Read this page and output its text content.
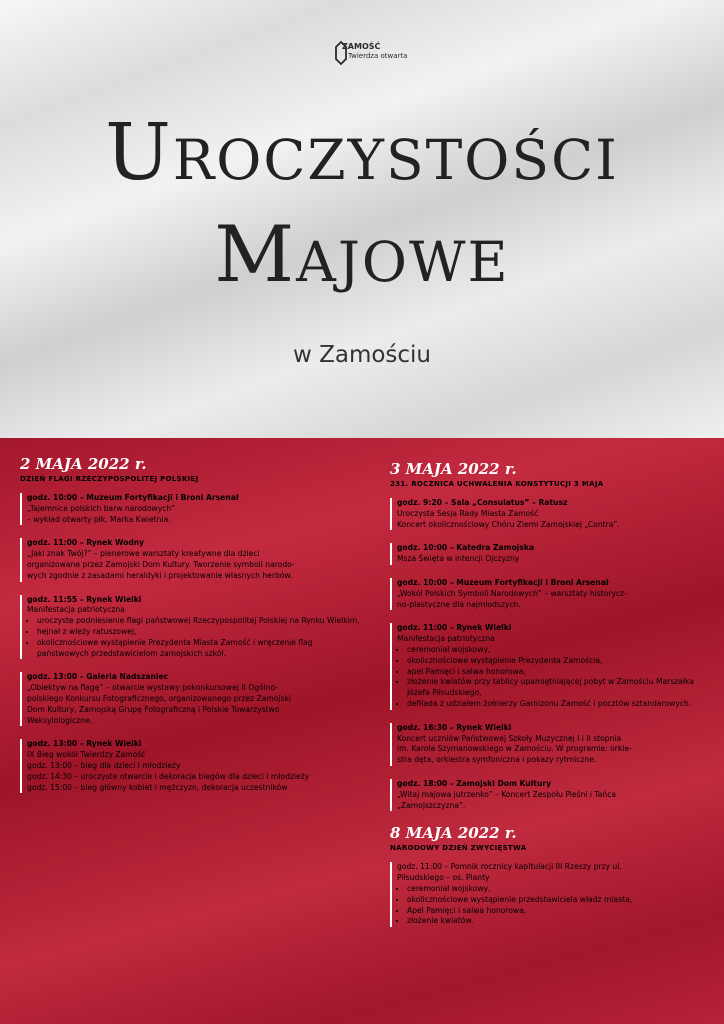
ZAMOŚĆ
Twierdza otwarta
Uroczystości
Majowe
w Zamościu

2 MAJA 2022 r.

DZIEŃ FLAGI RZECZYPOSPOLITEJ POLSKIEJ

godz. 10:00 – Muzeum Fortyfikacji i Broni Arsenał
„Tajemnice polskich barw narodowych”
– wykład otwarty płk. Marka Kwietnia.
godz. 11:00 – Rynek Wodny
„Jaki znak Twój?” – plenerowe warsztaty kreatywne dla dzieci
organizowane przez Zamojski Dom Kultury. Tworzenie symboli narodo-
wych zgodnie z zasadami heraldyki i projektowanie własnych herbów.
godz. 11:55 – Rynek Wielki
Manifestacja patriotyczna
• uroczyste podniesienie flagi państwowej Rzeczypospolitej Polskiej na Rynku Wielkim,
• hejnał z wieży ratuszowej,
• okolicznościowe wystąpienie Prezydenta Miasta Zamość i wręczenie flag państwowych przedstawicielom zamojskich szkół.
godz. 13:00 – Galeria Nadszaniec
„Obiektyw na flagę” – otwarcie wystawy pokonkursowej II Ogólno-
polskiego Konkursu Fotograficznego, organizowanego przez Zamojski
Dom Kultury, Zamojską Grupę Fotograficzną i Polskie Towarzystwo
Weksylologiczne.
godz. 13:00 – Rynek Wielki
IX Bieg wokół Twierdzy Zamość
godz. 13:00 – bieg dla dzieci i młodzieży
godz. 14:30 – uroczyste otwarcie i dekoracja biegów dla dzieci i młodzieży
godz. 15:00 – bieg główny kobiet i mężczyzn, dekoracja uczestników

3 MAJA 2022 r.

231. ROCZNICA UCHWALENIA KONSTYTUCJI 3 MAJA

godz. 9:20 – Sala „Consulatus” – Ratusz
Uroczysta Sesja Rady Miasta Zamość
Koncert okolicznościowy Chóru Ziemi Zamojskiej „Contra”.
godz. 10:00 – Katedra Zamojska
Msza Święta w intencji Ojczyzny
godz. 10:00 – Muzeum Fortyfikacji i Broni Arsenał
„Wokół Polskich Symboli Narodowych” – warsztaty historycz-
no-plastyczne dla najmłodszych.
godz. 11:00 – Rynek Wielki
Manifestacja patriotyczna
• ceremoniał wojskowy,
• okolicznościowe wystąpienie Prezydenta Zamościa,
• apel Pamięci i salwa honorowa,
• złożenie kwiatów przy tablicy upamiętniającej pobyt w Zamościu Marszałka Józefa Piłsudskiego,
• defilada z udziałem żołnierzy Garnizonu Zamość i pocztów sztandarowych.
godz. 16:30 – Rynek Wielki
Koncert uczniów Państwowej Szkoły Muzycznej I i II stopnia
im. Karola Szymanowskiego w Zamościu. W programie: orkie-
stra dęta, orkiestra symfoniczna i pokazy rytmiczne.
godz. 18:00 – Zamojski Dom Kultury
„Witaj majowa jutrzenko” – Koncert Zespołu Pieśni i Tańca
„Zamojszczyzna”.

8 MAJA 2022 r.

NARODOWY DZIEŃ ZWYCIĘSTWA

godz. 11:00 – Pomnik rocznicy kapitulacji III Rzeszy przy ul.
Piłsudskiego – os. Planty
• ceremoniał wojskowy,
• okolicznościowe wystąpienie przedstawiciela władz miasta,
• Apel Pamięci i salwa honorowa,
• złożenie kwiatów.
